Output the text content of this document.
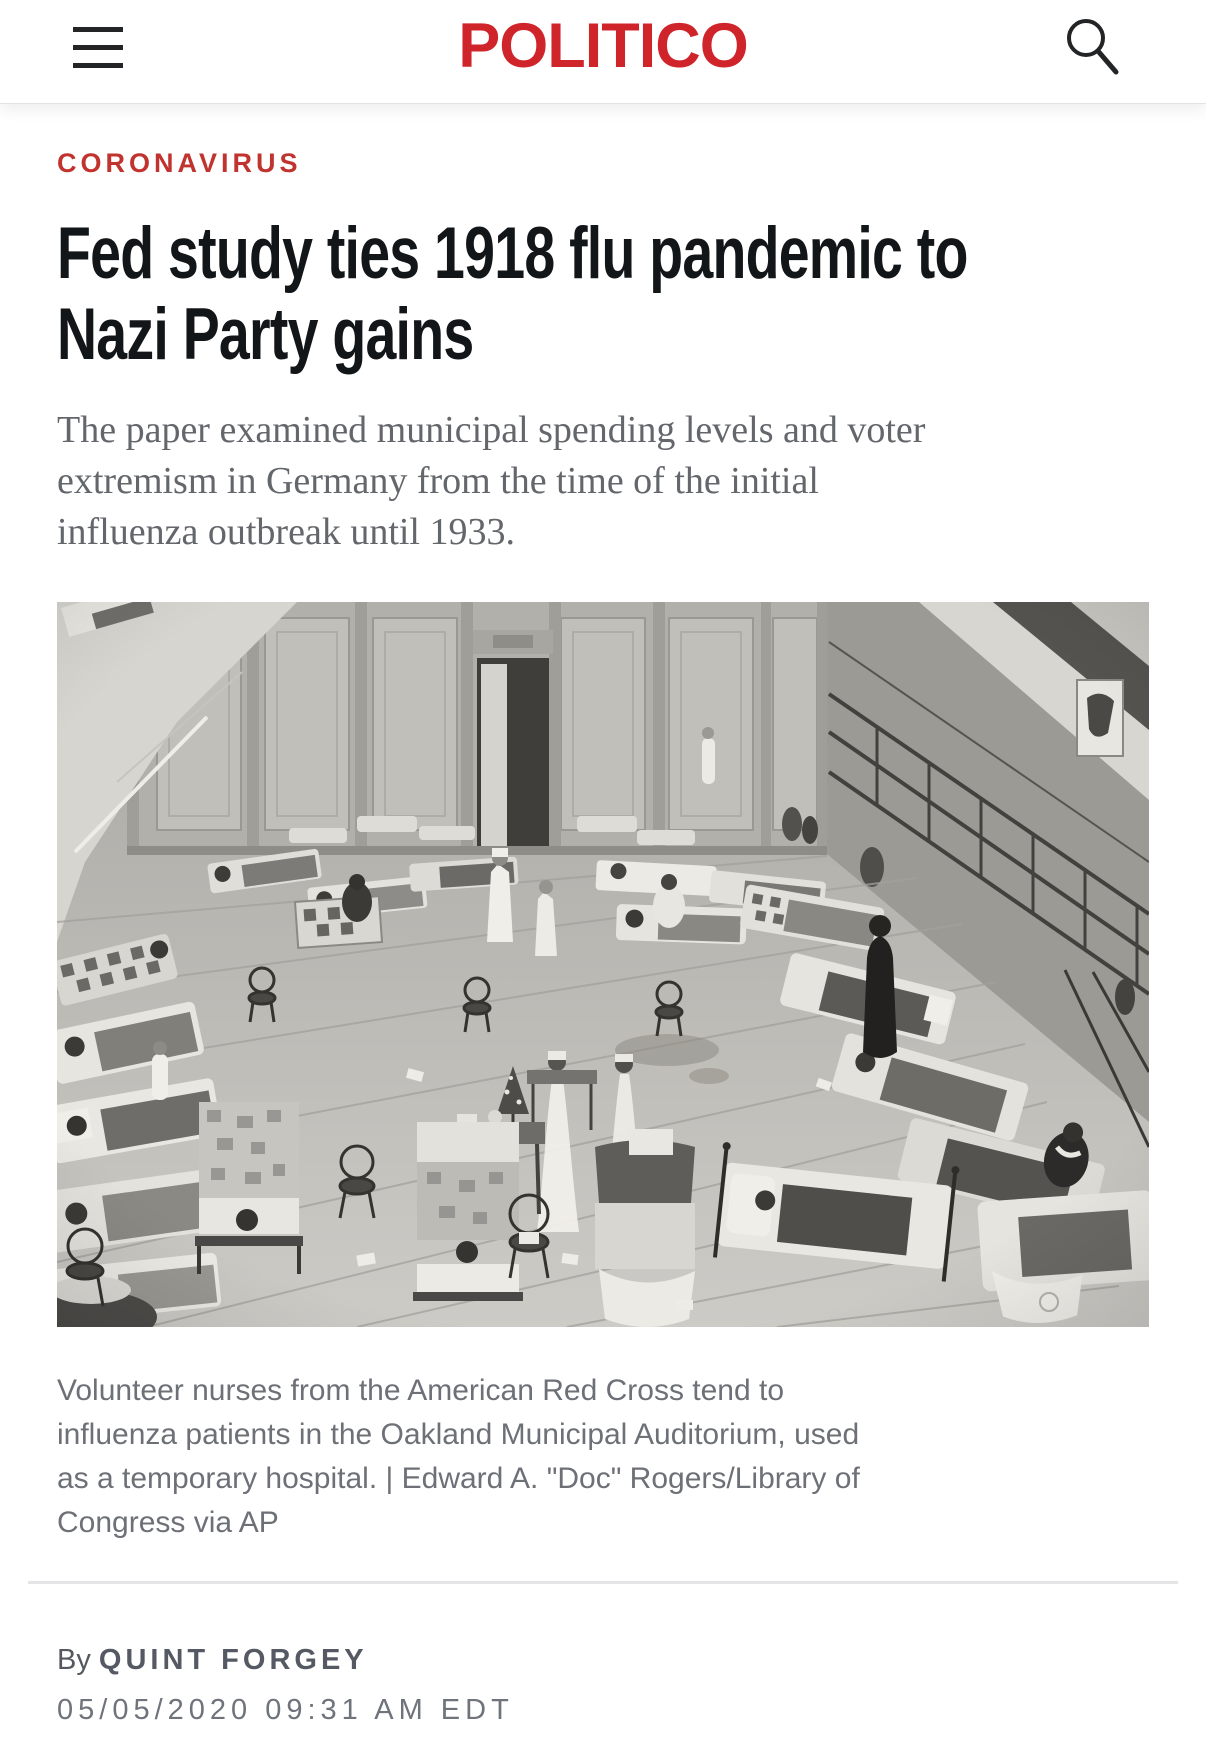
POLITICO
CORONAVIRUS
Fed study ties 1918 flu pandemic to
Nazi Party gains

The paper examined municipal spending levels and voter
extremism in Germany from the time of the initial
influenza outbreak until 1933.

Volunteer nurses from the American Red Cross tend to
influenza patients in the Oakland Municipal Auditorium, used
as a temporary hospital. | Edward A. "Doc" Rogers/Library of
Congress via AP
By QUINT FORGEY
05/05/2020 09:31 AM EDT
